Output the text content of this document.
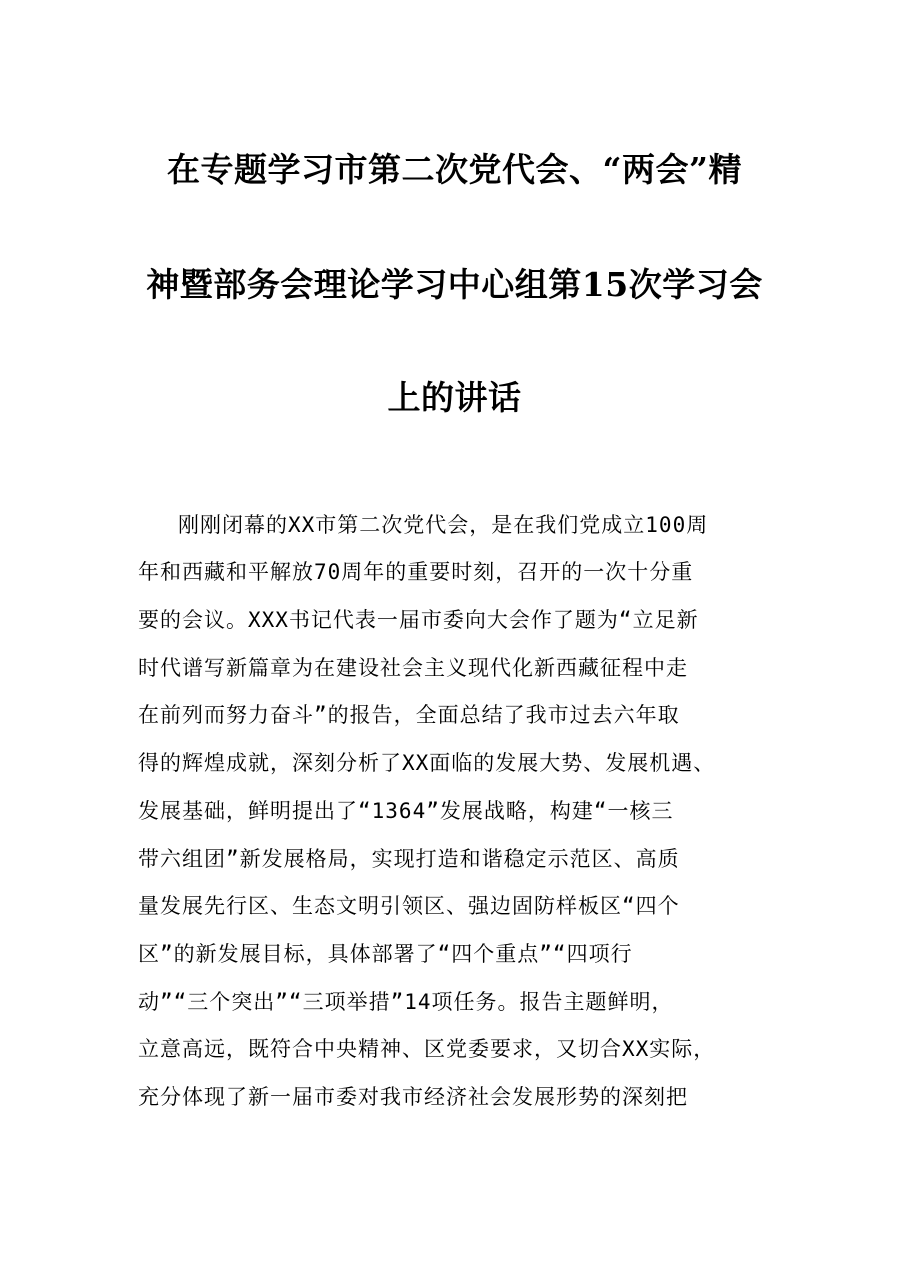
在专题学习市第二次党代会、“两会”精
神暨部务会理论学习中心组第15次学习会
上的讲话
刚刚闭幕的XX市第二次党代会，是在我们党成立100周
年和西藏和平解放70周年的重要时刻，召开的一次十分重
要的会议。XXX书记代表一届市委向大会作了题为“立足新
时代谱写新篇章为在建设社会主义现代化新西藏征程中走
在前列而努力奋斗”的报告，全面总结了我市过去六年取
得的辉煌成就，深刻分析了XX面临的发展大势、发展机遇、
发展基础，鲜明提出了“1364”发展战略，构建“一核三
带六组团”新发展格局，实现打造和谐稳定示范区、高质
量发展先行区、生态文明引领区、强边固防样板区“四个
区”的新发展目标，具体部署了“四个重点”“四项行
动”“三个突出”“三项举措”14项任务。报告主题鲜明，
立意高远，既符合中央精神、区党委要求，又切合XX实际，
充分体现了新一届市委对我市经济社会发展形势的深刻把
